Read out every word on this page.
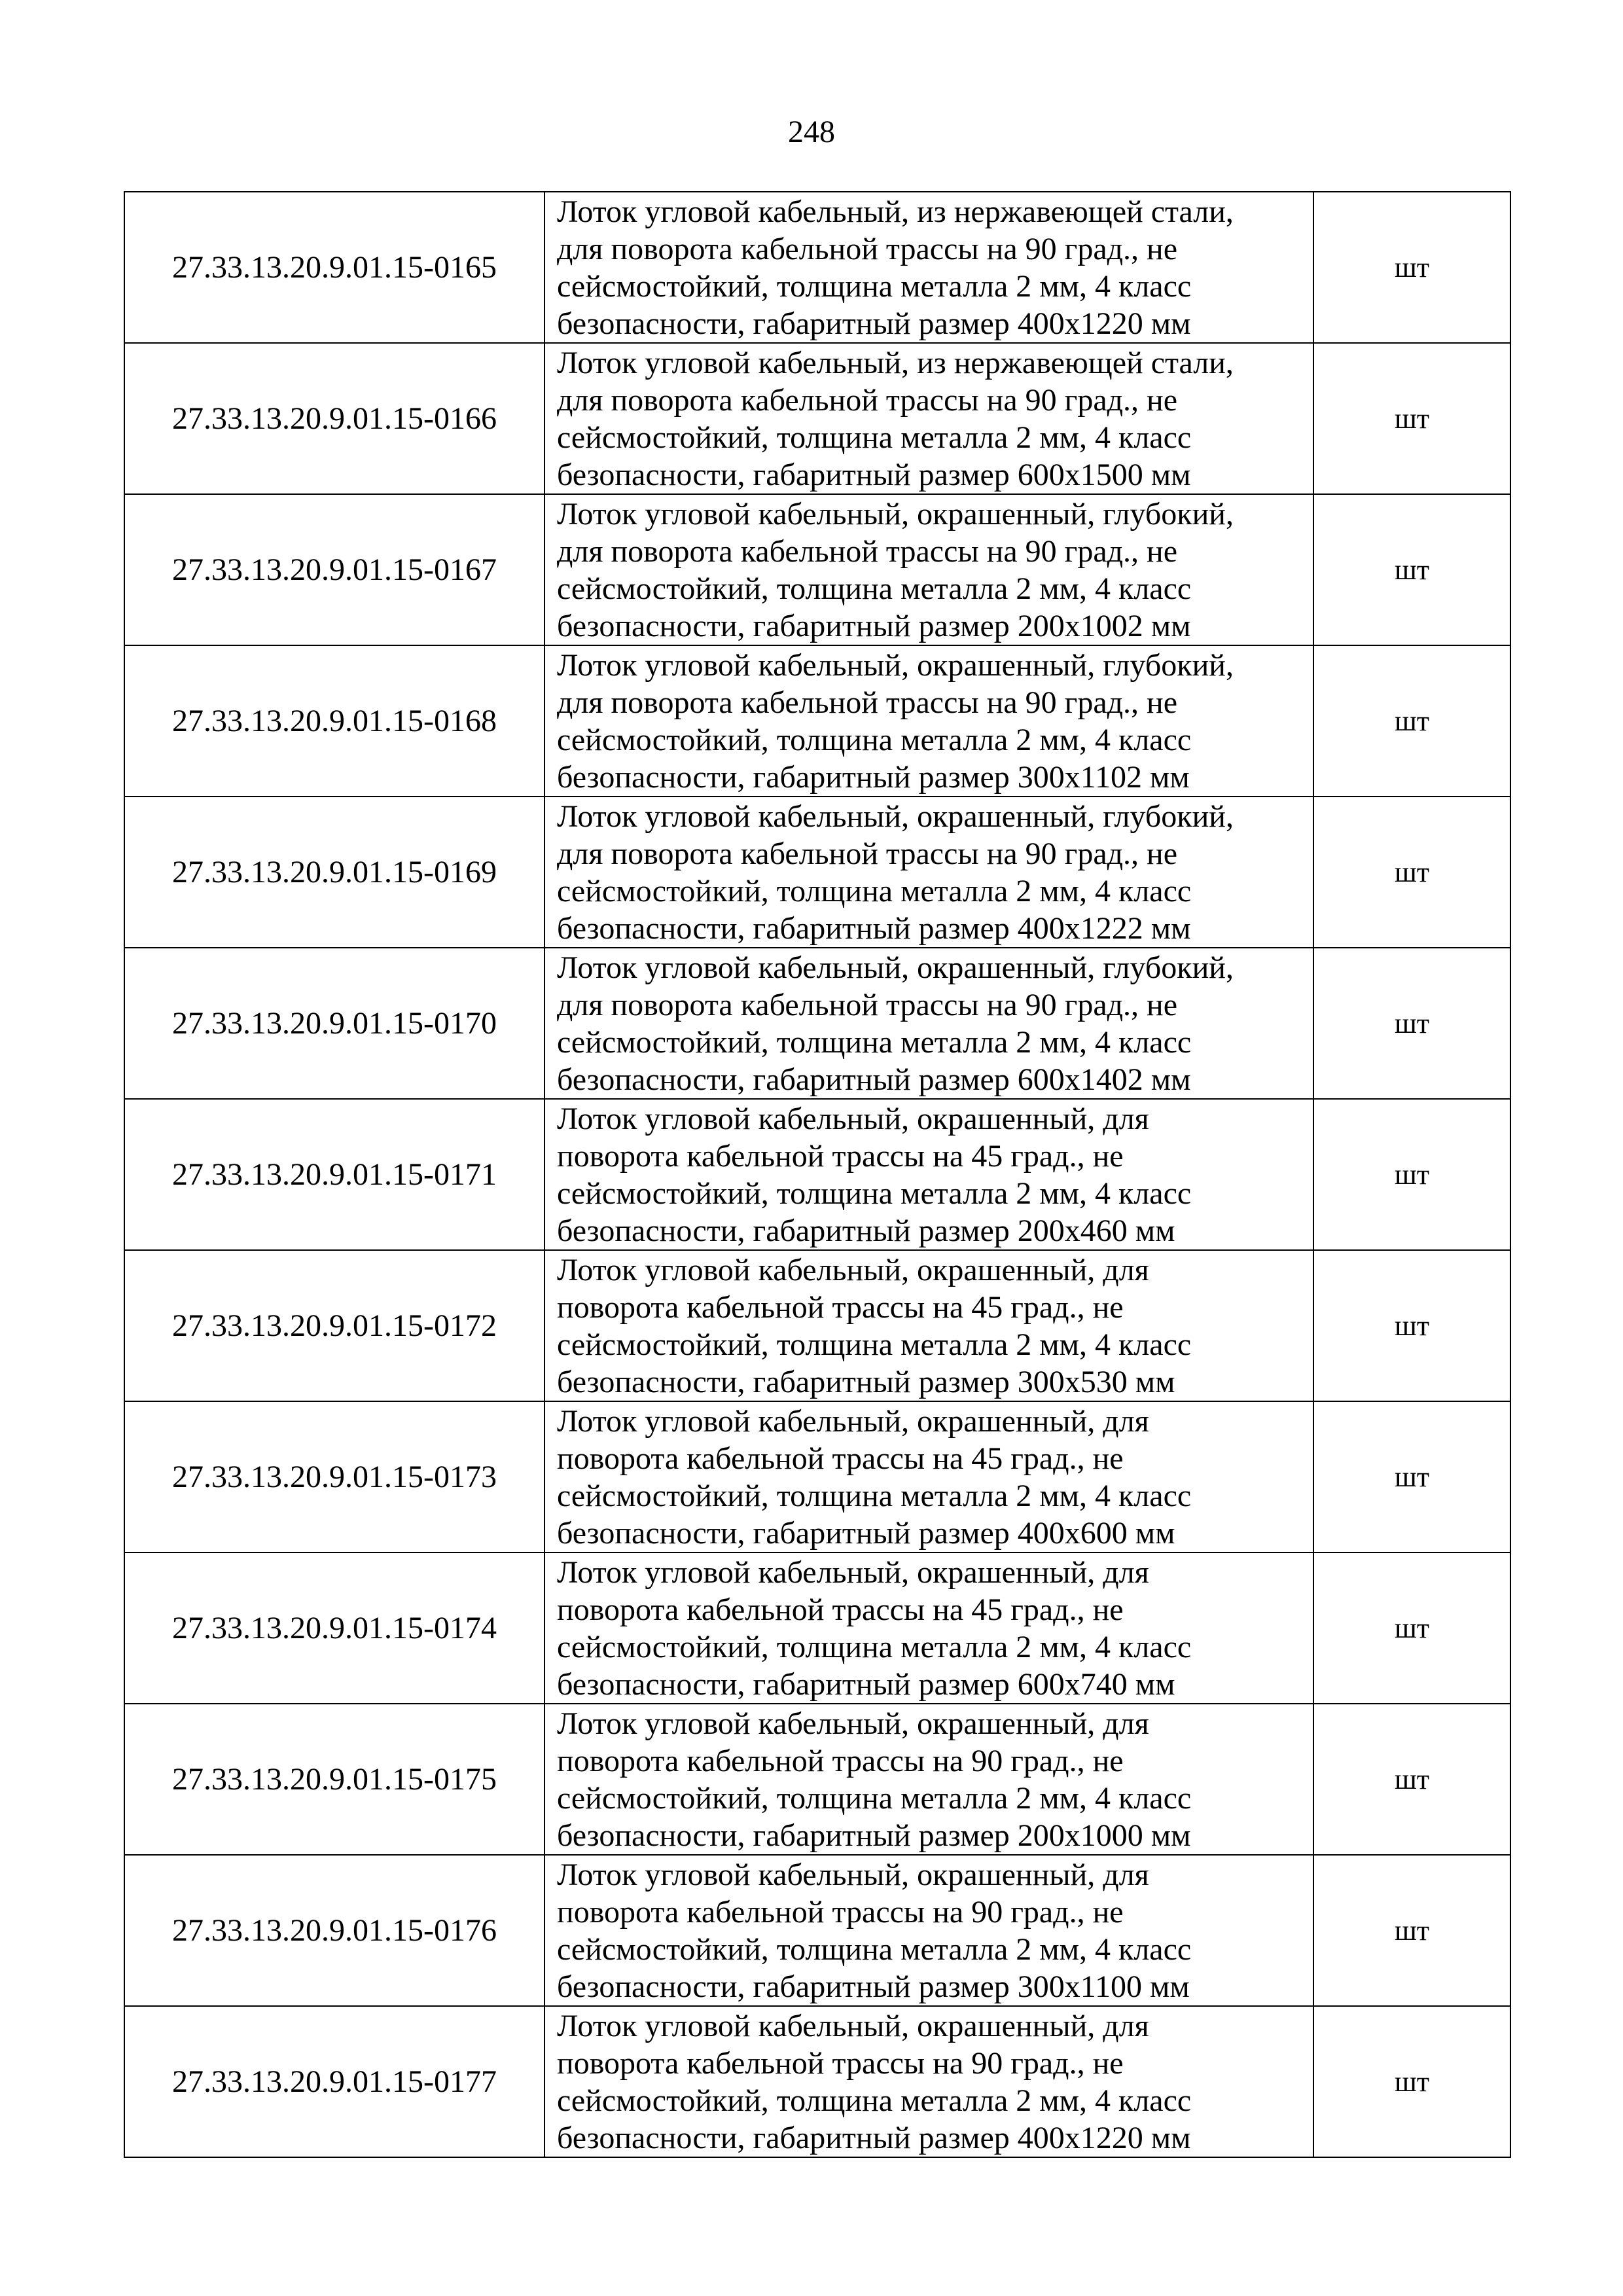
248
27.33.13.20.9.01.15-0165	Лоток угловой кабельный, из нержавеющей стали,
для поворота кабельной трассы на 90 град., не
сейсмостойкий, толщина металла 2 мм, 4 класс
безопасности, габаритный размер 400x1220 мм	шт
27.33.13.20.9.01.15-0166	Лоток угловой кабельный, из нержавеющей стали,
для поворота кабельной трассы на 90 град., не
сейсмостойкий, толщина металла 2 мм, 4 класс
безопасности, габаритный размер 600x1500 мм	шт
27.33.13.20.9.01.15-0167	Лоток угловой кабельный, окрашенный, глубокий,
для поворота кабельной трассы на 90 град., не
сейсмостойкий, толщина металла 2 мм, 4 класс
безопасности, габаритный размер 200x1002 мм	шт
27.33.13.20.9.01.15-0168	Лоток угловой кабельный, окрашенный, глубокий,
для поворота кабельной трассы на 90 град., не
сейсмостойкий, толщина металла 2 мм, 4 класс
безопасности, габаритный размер 300x1102 мм	шт
27.33.13.20.9.01.15-0169	Лоток угловой кабельный, окрашенный, глубокий,
для поворота кабельной трассы на 90 град., не
сейсмостойкий, толщина металла 2 мм, 4 класс
безопасности, габаритный размер 400x1222 мм	шт
27.33.13.20.9.01.15-0170	Лоток угловой кабельный, окрашенный, глубокий,
для поворота кабельной трассы на 90 град., не
сейсмостойкий, толщина металла 2 мм, 4 класс
безопасности, габаритный размер 600x1402 мм	шт
27.33.13.20.9.01.15-0171	Лоток угловой кабельный, окрашенный, для
поворота кабельной трассы на 45 град., не
сейсмостойкий, толщина металла 2 мм, 4 класс
безопасности, габаритный размер 200x460 мм	шт
27.33.13.20.9.01.15-0172	Лоток угловой кабельный, окрашенный, для
поворота кабельной трассы на 45 град., не
сейсмостойкий, толщина металла 2 мм, 4 класс
безопасности, габаритный размер 300x530 мм	шт
27.33.13.20.9.01.15-0173	Лоток угловой кабельный, окрашенный, для
поворота кабельной трассы на 45 град., не
сейсмостойкий, толщина металла 2 мм, 4 класс
безопасности, габаритный размер 400x600 мм	шт
27.33.13.20.9.01.15-0174	Лоток угловой кабельный, окрашенный, для
поворота кабельной трассы на 45 град., не
сейсмостойкий, толщина металла 2 мм, 4 класс
безопасности, габаритный размер 600x740 мм	шт
27.33.13.20.9.01.15-0175	Лоток угловой кабельный, окрашенный, для
поворота кабельной трассы на 90 град., не
сейсмостойкий, толщина металла 2 мм, 4 класс
безопасности, габаритный размер 200x1000 мм	шт
27.33.13.20.9.01.15-0176	Лоток угловой кабельный, окрашенный, для
поворота кабельной трассы на 90 град., не
сейсмостойкий, толщина металла 2 мм, 4 класс
безопасности, габаритный размер 300x1100 мм	шт
27.33.13.20.9.01.15-0177	Лоток угловой кабельный, окрашенный, для
поворота кабельной трассы на 90 град., не
сейсмостойкий, толщина металла 2 мм, 4 класс
безопасности, габаритный размер 400x1220 мм	шт
